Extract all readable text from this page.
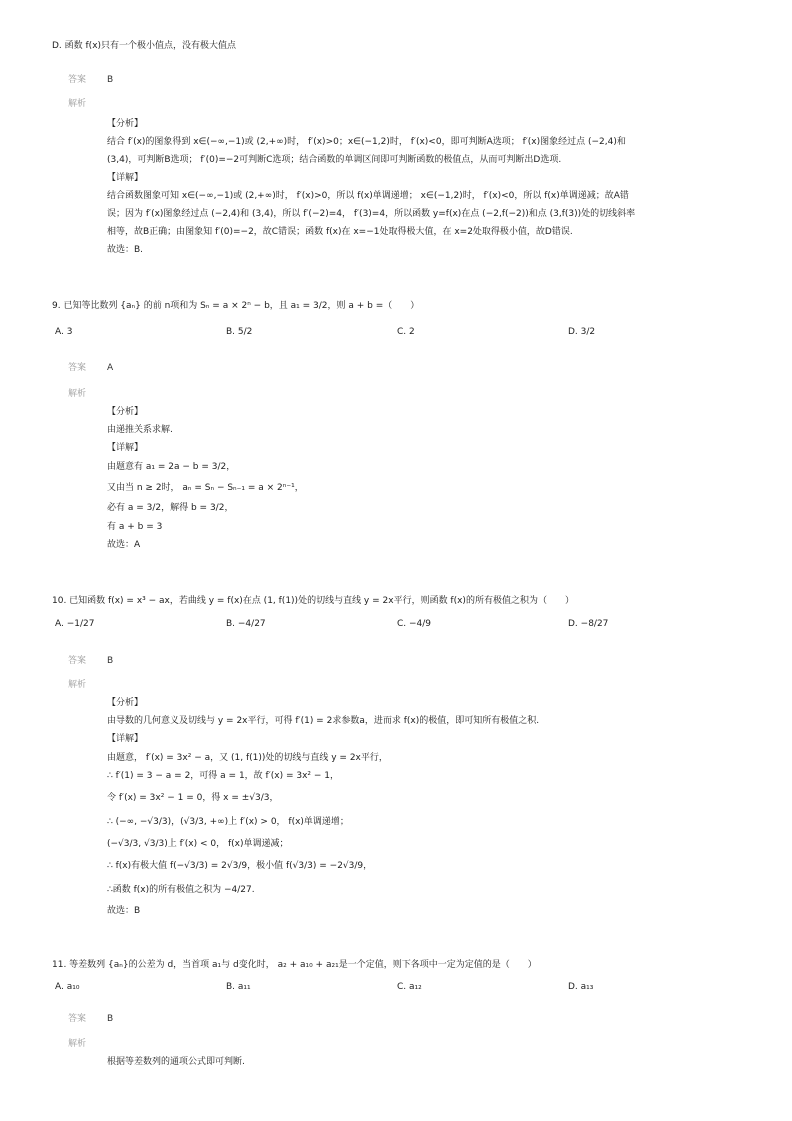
D. 函数 f(x)只有一个极小值点，没有极大值点
答案 B
解析
【分析】
结合 f′(x)的图象得到 x∈(−∞,−1)或 (2,+∞)时， f′(x)>0；x∈(−1,2)时， f′(x)<0，即可判断A选项； f′(x)图象经过点 (−2,4)和
(3,4)，可判断B选项； f′(0)=−2可判断C选项；结合函数的单调区间即可判断函数的极值点，从而可判断出D选项.
【详解】
结合函数图象可知 x∈(−∞,−1)或 (2,+∞)时， f′(x)>0，所以 f(x)单调递增； x∈(−1,2)时， f′(x)<0，所以 f(x)单调递减；故A错
误；因为 f′(x)图象经过点 (−2,4)和 (3,4)，所以 f′(−2)=4， f′(3)=4，所以函数 y=f(x)在点 (−2,f(−2))和点 (3,f(3))处的切线斜率
相等，故B正确；由图象知 f′(0)=−2，故C错误；函数 f(x)在 x=−1处取得极大值，在 x=2处取得极小值，故D错误.
故选：B.
9. 已知等比数列 {aₙ} 的前 n项和为 Sₙ = a × 2ⁿ − b，且 a₁ = 3/2，则 a + b =（　　）
A. 3	B. 5/2	C. 2	D. 3/2
答案 A
解析
【分析】
由递推关系求解.
【详解】
由题意有 a₁ = 2a − b = 3/2，
又由当 n ≥ 2时， aₙ = Sₙ − Sₙ₋₁ = a × 2ⁿ⁻¹，
必有 a = 3/2，解得 b = 3/2，
有 a + b = 3
故选：A
10. 已知函数 f(x) = x³ − ax，若曲线 y = f(x)在点 (1, f(1))处的切线与直线 y = 2x平行，则函数 f(x)的所有极值之积为（　　）
A. −1/27	B. −4/27	C. −4/9	D. −8/27
答案 B
解析
【分析】
由导数的几何意义及切线与 y = 2x平行，可得 f′(1) = 2求参数a，进而求 f(x)的极值，即可知所有极值之积.
【详解】
由题意， f′(x) = 3x² − a，又 (1, f(1))处的切线与直线 y = 2x平行，
∴ f′(1) = 3 − a = 2，可得 a = 1，故 f′(x) = 3x² − 1，
令 f′(x) = 3x² − 1 = 0，得 x = ±√3/3，
∴ (−∞, −√3/3)，(√3/3, +∞)上 f′(x) > 0， f(x)单调递增；
(−√3/3, √3/3)上 f′(x) < 0， f(x)单调递减；
∴ f(x)有极大值 f(−√3/3) = 2√3/9，极小值 f(√3/3) = −2√3/9，
∴函数 f(x)的所有极值之积为 −4/27.
故选：B
11. 等差数列 {aₙ}的公差为 d，当首项 a₁与 d变化时， a₂ + a₁₀ + a₂₁是一个定值，则下各项中一定为定值的是（　　）
A. a₁₀	B. a₁₁	C. a₁₂	D. a₁₃
答案 B
解析
根据等差数列的通项公式即可判断.
